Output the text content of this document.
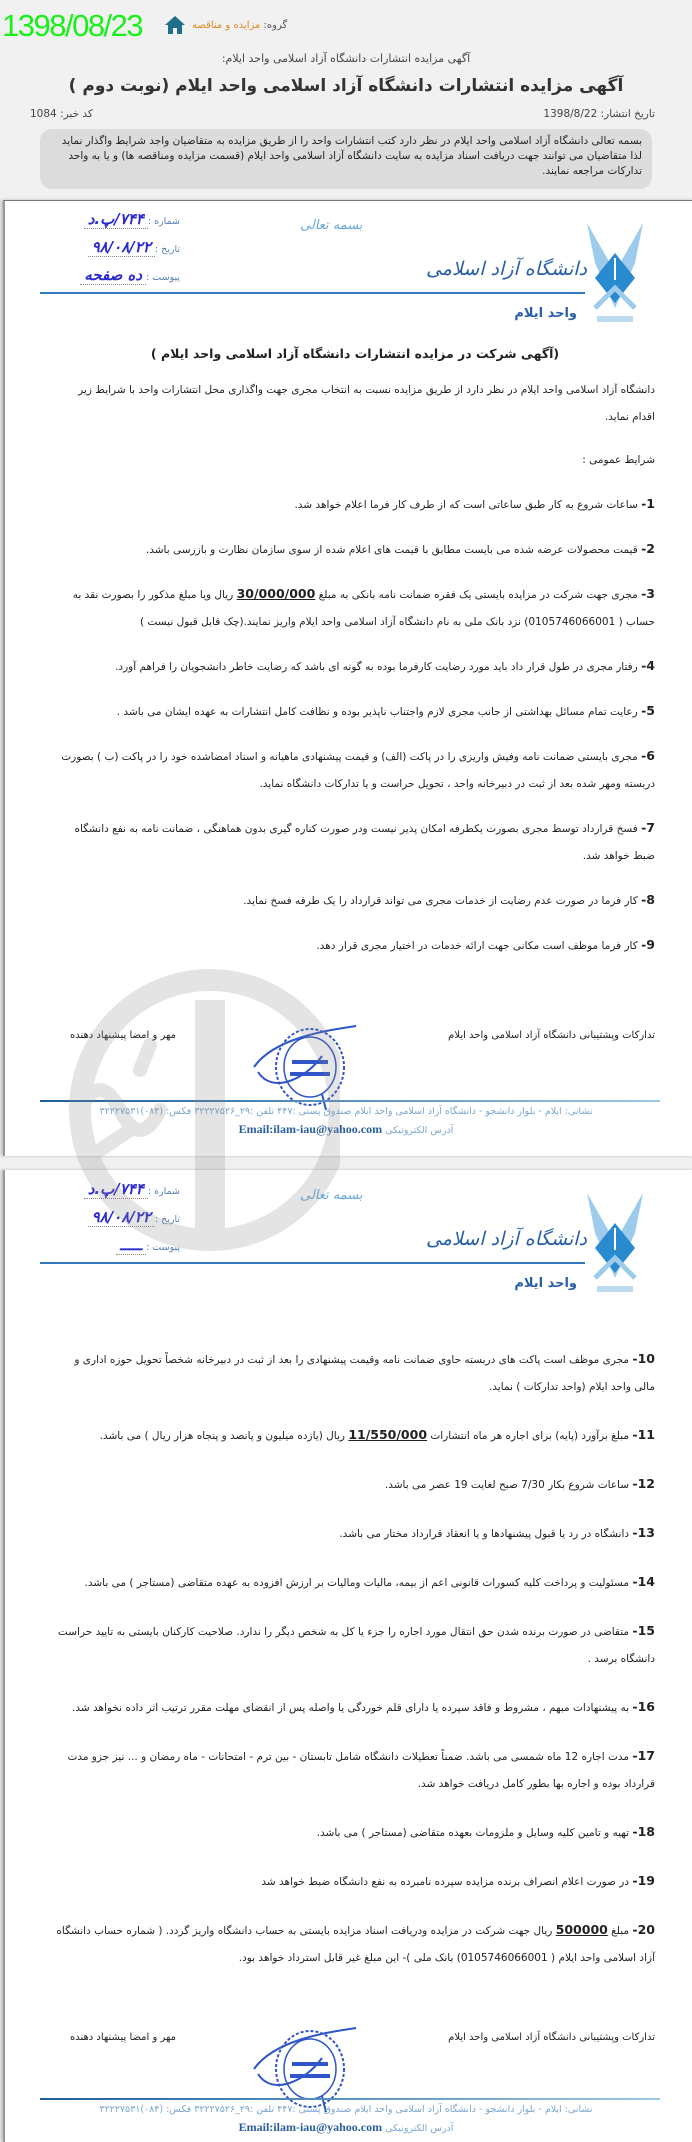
1398/08/23	گروه: مزایده و مناقصه
آگهی مزایده انتشارات دانشگاه آزاد اسلامی واحد ایلام:
آگهی مزایده انتشارات دانشگاه آزاد اسلامی واحد ایلام (نوبت دوم )
تاریخ انتشار: 1398/8/22
کد خبر: 1084
بسمه تعالی دانشگاه آزاد اسلامی واحد ایلام در نظر دارد کتب انتشارات واحد را از طریق مزایده به متقاضیان واجد شرایط واگذار نماید لذا متقاضیان می توانند جهت دریافت اسناد مزایده به سایت دانشگاه آزاد اسلامی واحد ایلام (قسمت مزایده ومناقصه ها) و یا به واحد تدارکات مراجعه نمایند.
بسمه تعالی
دانشگاه آزاد اسلامی
واحد ایلام
شماره :۷۴۴/پ.د
تاریخ :۹۸/۰۸/۲۲
پیوست :ده صفحه
(آگهی شرکت در مزایده انتشارات دانشگاه آزاد اسلامی واحد ایلام )
دانشگاه آزاد اسلامی واحد ایلام در نظر دارد از طریق مزایده نسبت به انتخاب مجری جهت واگذاری محل انتشارات واحد با شرایط زیر اقدام نماید.
شرایط عمومی :
1- ساعات شروع به کار طبق ساعاتی است که از طرف کار فرما اعلام خواهد شد.
2- قیمت محصولات عرضه شده می بایست مطابق با قیمت های اعلام شده از سوی سازمان نظارت و بازرسی باشد.
3- مجری جهت شرکت در مزایده بایستی یک فقره ضمانت نامه بانکی به مبلغ 30/000/000 ریال ویا مبلغ مذکور را بصورت نقد به حساب ( 0105746066001) نزد بانک ملی به نام دانشگاه آزاد اسلامی واحد ایلام واریز نمایند.(چک قابل قبول نیست )
4- رفتار مجری در طول قرار داد باید مورد رضایت کارفرما بوده به گونه ای باشد که رضایت خاطر دانشجویان را فراهم آورد.
5- رعایت تمام مسائل بهداشتی از جانب مجری لازم واجتناب ناپذیر بوده و نظافت کامل انتشارات به عهده ایشان می باشد .
6- مجری بایستی ضمانت نامه وفیش واریزی را در پاکت (الف) و قیمت پیشنهادی ماهیانه و اسناد امضاشده خود را در پاکت (ب ) بصورت دربسته ومهر شده بعد از ثبت در دبیرخانه واحد ، تحویل حراست و یا تدارکات دانشگاه نماید.
7- فسخ قرارداد توسط مجری بصورت یکطرفه امکان پذیر نیست ودر صورت کناره گیری بدون هماهنگی ، ضمانت نامه به نفع دانشگاه ضبط خواهد شد.
8- کار فرما در صورت عدم رضایت از خدمات مجری می تواند قرارداد را یک طرفه فسخ نماید.
9- کار فرما موظف است مکانی جهت ارائه خدمات در اختیار مجری قرار دهد.
تدارکات وپشتیبانی دانشگاه آزاد اسلامی واحد ایلام
مهر و امضا پیشنهاد دهنده
نشانی: ایلام - بلوار دانشجو - دانشگاه آزاد اسلامی واحد ایلام صندوق پستی :۴۴۷ تلفن :۲۹_۳۲۲۲۷۵۲۶ فکس: (۰۸۴)۳۲۲۲۷۵۳۱
آدرس الکترونیکی Email:ilam-iau@yahoo.com
بسمه تعالی
دانشگاه آزاد اسلامی
واحد ایلام
شماره :۷۴۴/پ.د
تاریخ :۹۸/۰۸/۲۲
پیوست :ـــــ
10- مجری موظف است پاکت های دربسته حاوی ضمانت نامه وقیمت پیشنهادی را بعد از ثبت در دبیرخانه شخصاً تحویل حوزه اداری و مالی واحد ایلام (واحد تدارکات ) نماید.
11- مبلغ برآورد (پایه) برای اجاره هر ماه انتشارات 11/550/000 ریال (یازده میلیون و پانصد و پنجاه هزار ریال ) می باشد.
12- ساعات شروع بکار 7/30 صبح لغایت 19 عصر می باشد.
13- دانشگاه در رد یا قبول پیشنهادها و یا انعقاد قرارداد مختار می باشد.
14- مسئولیت و پرداخت کلیه کسورات قانونی اعم از بیمه، مالیات ومالیات بر ارزش افزوده به عهده متقاضی (مستاجر ) می باشد.
15- متقاضی در صورت برنده شدن حق انتقال مورد اجاره را جزء یا کل به شخص دیگر را ندارد. صلاحیت کارکنان بایستی به تایید حراست دانشگاه برسد .
16- به پیشنهادات مبهم ، مشروط و فاقد سپرده یا دارای قلم خوردگی یا واصله پس از انقضای مهلت مقرر ترتیب اثر داده نخواهد شد.
17- مدت اجاره 12 ماه شمسی می باشد. ضمناً تعطیلات دانشگاه شامل تابستان - بین ترم - امتحانات - ماه رمضان و ... نیز جزو مدت قرارداد بوده و اجاره بها بطور کامل دریافت خواهد شد.
18- تهیه و تامین کلیه وسایل و ملزومات بعهده متقاضی (مستاجر ) می باشد.
19- در صورت اعلام انصراف برنده مزایده سپرده نامبرده به نفع دانشگاه ضبط خواهد شد
20- مبلغ 500000 ریال جهت شرکت در مزایده ودریافت اسناد مزایده بایستی به حساب دانشگاه واریز گردد. ( شماره حساب دانشگاه آزاد اسلامی واحد ایلام ( 0105746066001) بانک ملی )- این مبلغ غیر قابل استرداد خواهد بود.
تدارکات وپشتیبانی دانشگاه آزاد اسلامی واحد ایلام
مهر و امضا پیشنهاد دهنده
نشانی: ایلام - بلوار دانشجو - دانشگاه آزاد اسلامی واحد ایلام صندوق پستی :۴۴۷ تلفن :۲۹_۳۲۲۲۷۵۲۶ فکس: (۰۸۴)۳۲۲۲۷۵۳۱
آدرس الکترونیکی Email:ilam-iau@yahoo.com
